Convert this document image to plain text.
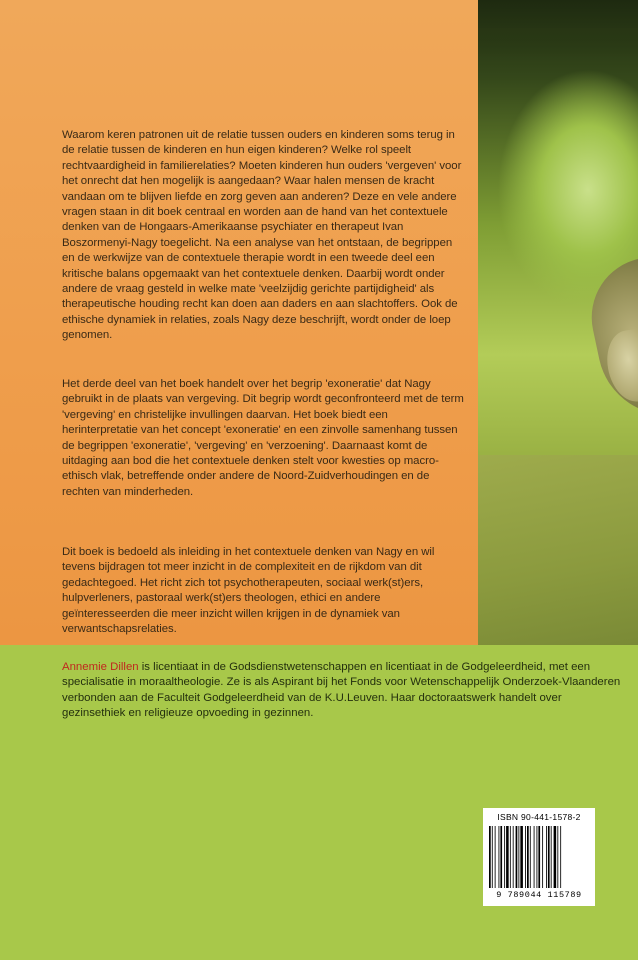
Waarom keren patronen uit de relatie tussen ouders en kinderen soms terug in de relatie tussen de kinderen en hun eigen kinderen? Welke rol speelt rechtvaardigheid in familierelaties? Moeten kinderen hun ouders 'vergeven' voor het onrecht dat hen mogelijk is aangedaan? Waar halen mensen de kracht vandaan om te blijven liefde en zorg geven aan anderen? Deze en vele andere vragen staan in dit boek centraal en worden aan de hand van het contextuele denken van de Hongaars-Amerikaanse psychiater en therapeut Ivan Boszormenyi-Nagy toegelicht. Na een analyse van het ontstaan, de begrippen en de werkwijze van de contextuele therapie wordt in een tweede deel een kritische balans opgemaakt van het contextuele denken. Daarbij wordt onder andere de vraag gesteld in welke mate 'veelzijdig gerichte partijdigheid' als therapeutische houding recht kan doen aan daders en aan slachtoffers. Ook de ethische dynamiek in relaties, zoals Nagy deze beschrijft, wordt onder de loep genomen.

Het derde deel van het boek handelt over het begrip 'exoneratie' dat Nagy gebruikt in de plaats van vergeving. Dit begrip wordt geconfronteerd met de term 'vergeving' en christelijke invullingen daarvan. Het boek biedt een herinterpretatie van het concept 'exoneratie' en een zinvolle samenhang tussen de begrippen 'exoneratie', 'vergeving' en 'verzoening'. Daarnaast komt de uitdaging aan bod die het contextuele denken stelt voor kwesties op macro-ethisch vlak, betreffende onder andere de Noord-Zuidverhoudingen en de rechten van minderheden.

Dit boek is bedoeld als inleiding in het contextuele denken van Nagy en wil tevens bijdragen tot meer inzicht in de complexiteit en de rijkdom van dit gedachtegoed. Het richt zich tot psychotherapeuten, sociaal werk(st)ers, hulpverleners, pastoraal werk(st)ers theologen, ethici en andere geïnteresseerden die meer inzicht willen krijgen in de dynamiek van verwantschapsrelaties.

Annemie Dillen is licentiaat in de Godsdienstwetenschappen en licentiaat in de Godgeleerdheid, met een specialisatie in moraaltheologie. Ze is als Aspirant bij het Fonds voor Wetenschappelijk Onderzoek-Vlaanderen verbonden aan de Faculteit Godgeleerdheid van de K.U.Leuven. Haar doctoraatswerk handelt over gezinsethiek en religieuze opvoeding in gezinnen.
ISBN 90-441-1578-2
9 789044 115789
